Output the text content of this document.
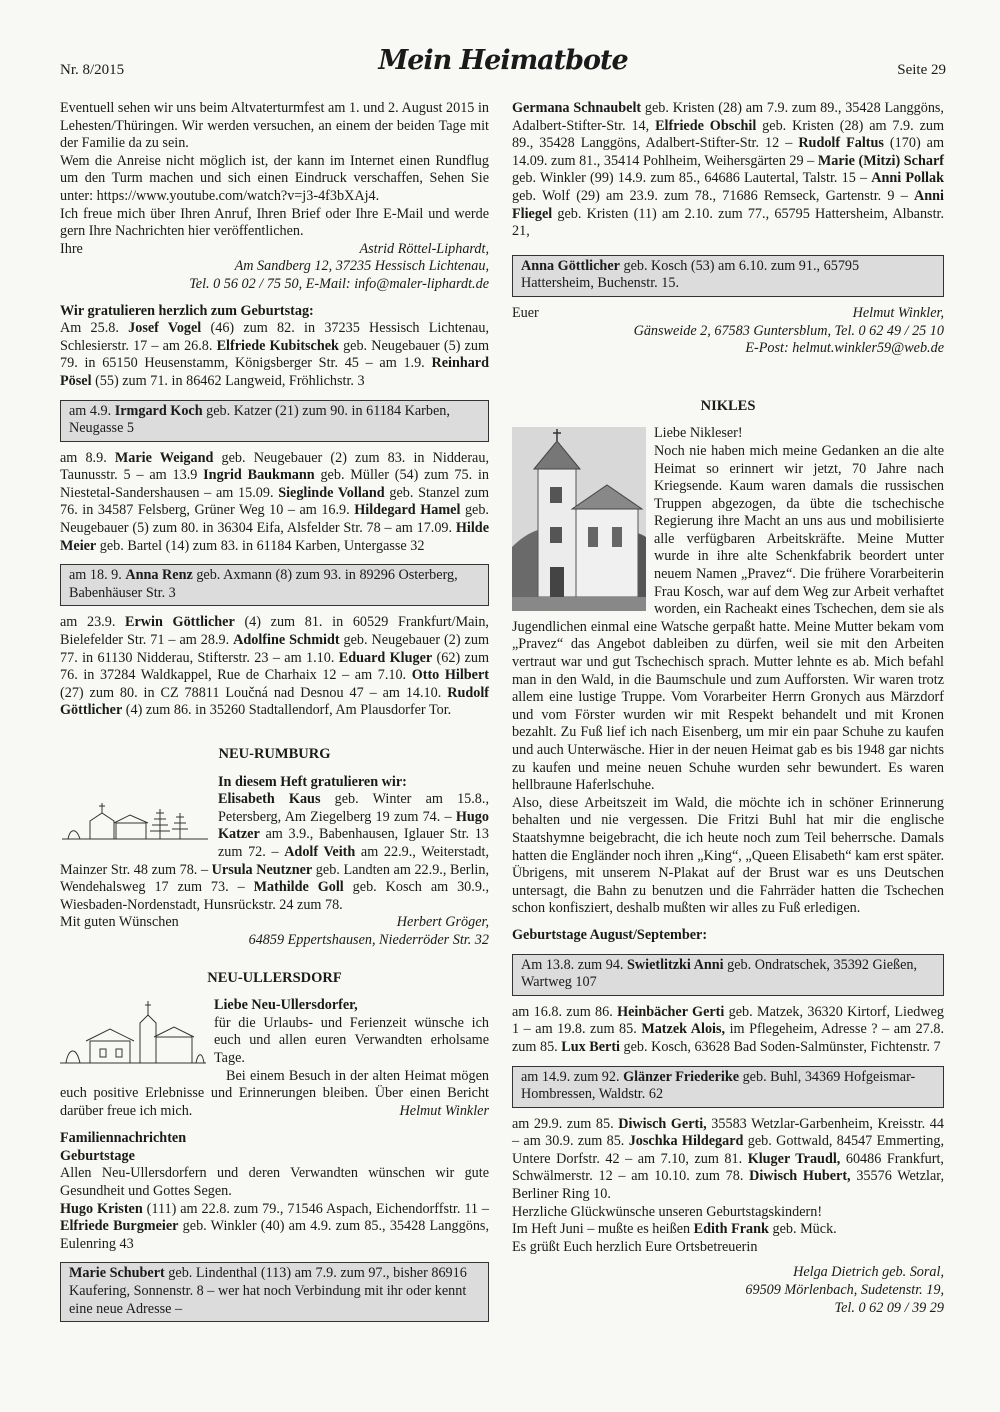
Nr. 8/2015	Mein Heimatbote	Seite 29

Eventuell sehen wir uns beim Altvaterturmfest am 1. und 2. August 2015 in Lehesten/Thüringen. Wir werden versuchen, an einem der beiden Tage mit der Familie da zu sein.

Wem die Anreise nicht möglich ist, der kann im Internet einen Rundflug um den Turm machen und sich einen Eindruck verschaffen, Sehen Sie unter: https://www.youtube.com/watch?v=j3-4f3bXAj4.

Ich freue mich über Ihren Anruf, Ihren Brief oder Ihre E-Mail und werde gern Ihre Nachrichten hier veröffentlichen.

Ihre	Astrid Röttel-Liphardt,

Am Sandberg 12, 37235 Hessisch Lichtenau,

Tel. 0 56 02 / 75 50, E-Mail: info@maler-liphardt.de

Wir gratulieren herzlich zum Geburtstag:

Am 25.8. Josef Vogel (46) zum 82. in 37235 Hessisch Lichtenau, Schlesierstr. 17 – am 26.8. Elfriede Kubitschek geb. Neugebauer (5) zum 79. in 65150 Heusenstamm, Königsberger Str. 45 – am 1.9. Reinhard Pösel (55) zum 71. in 86462 Langweid, Fröhlichstr. 3

am 4.9. Irmgard Koch geb. Katzer (21) zum 90. in 61184 Karben, Neugasse 5

am 8.9. Marie Weigand geb. Neugebauer (2) zum 83. in Nidderau, Taunusstr. 5 – am 13.9 Ingrid Baukmann geb. Müller (54) zum 75. in Niestetal-Sandershausen – am 15.09. Sieglinde Volland geb. Stanzel zum 76. in 34587 Felsberg, Grüner Weg 10 – am 16.9. Hildegard Hamel geb. Neugebauer (5) zum 80. in 36304 Eifa, Alsfelder Str. 78 – am 17.09. Hilde Meier geb. Bartel (14) zum 83. in 61184 Karben, Untergasse 32

am 18. 9. Anna Renz geb. Axmann (8) zum 93. in 89296 Osterberg, Babenhäuser Str. 3

am 23.9. Erwin Göttlicher (4) zum 81. in 60529 Frankfurt/Main, Bielefelder Str. 71 – am 28.9. Adolfine Schmidt geb. Neugebauer (2) zum 77. in 61130 Nidderau, Stifterstr. 23 – am 1.10. Eduard Kluger (62) zum 76. in 37284 Waldkappel, Rue de Charhaix 12 – am 7.10. Otto Hilbert (27) zum 80. in CZ 78811 Loučná nad Desnou 47 – am 14.10. Rudolf Göttlicher (4) zum 86. in 35260 Stadtallendorf, Am Plausdorfer Tor.

NEU-RUMBURG
In diesem Heft gratulieren wir:

Elisabeth Kaus geb. Winter am 15.8., Petersberg, Am Ziegelberg 19 zum 74. – Hugo Katzer am 3.9., Babenhausen, Iglauer Str. 13 zum 72. – Adolf Veith am 22.9., Weiterstadt, Mainzer Str. 48 zum 78. – Ursula Neutzner geb. Landten am 22.9., Berlin, Wendehalsweg 17 zum 73. – Mathilde Goll geb. Kosch am 30.9., Wiesbaden-Nordenstadt, Hunsrückstr. 24 zum 78.

Mit guten Wünschen	Herbert Gröger,

64859 Eppertshausen, Niederröder Str. 32

NEU-ULLERSDORF
Liebe Neu-Ullersdorfer,

für die Urlaubs- und Ferienzeit wünsche ich euch und allen euren Verwandten erholsame Tage.

Bei einem Besuch in der alten Heimat mögen euch positive Erlebnisse und Erinnerungen bleiben. Über einen Bericht darüber freue ich mich.	Helmut Winkler

Familiennachrichten
Geburtstage

Allen Neu-Ullersdorfern und deren Verwandten wünschen wir gute Gesundheit und Gottes Segen.

Hugo Kristen (111) am 22.8. zum 79., 71546 Aspach, Eichendorffstr. 11 – Elfriede Burgmeier geb. Winkler (40) am 4.9. zum 85., 35428 Langgöns, Eulenring 43

Marie Schubert geb. Lindenthal (113) am 7.9. zum 97., bisher 86916 Kaufering, Sonnenstr. 8 – wer hat noch Verbindung mit ihr oder kennt eine neue Adresse –

Germana Schnaubelt geb. Kristen (28) am 7.9. zum 89., 35428 Langgöns, Adalbert-Stifter-Str. 14, Elfriede Obschil geb. Kristen (28) am 7.9. zum 89., 35428 Langgöns, Adalbert-Stifter-Str. 12 – Rudolf Faltus (170) am 14.09. zum 81., 35414 Pohlheim, Weihersgärten 29 – Marie (Mitzi) Scharf geb. Winkler (99) 14.9. zum 85., 64686 Lautertal, Talstr. 15 – Anni Pollak geb. Wolf (29) am 23.9. zum 78., 71686 Remseck, Gartenstr. 9 – Anni Fliegel geb. Kristen (11) am 2.10. zum 77., 65795 Hattersheim, Albanstr. 21,

Anna Göttlicher geb. Kosch (53) am 6.10. zum 91., 65795 Hattersheim, Buchenstr. 15.
Euer	Helmut Winkler,

Gänsweide 2, 67583 Guntersblum, Tel. 0 62 49 / 25 10

E-Post: helmut.winkler59@web.de

NIKLES

Liebe Nikleser!

Noch nie haben mich meine Gedanken an die alte Heimat so erinnert wir jetzt, 70 Jahre nach Kriegsende. Kaum waren damals die russischen Truppen abgezogen, da übte die tschechische Regierung ihre Macht an uns aus und mobilisierte alle verfügbaren Arbeitskräfte. Meine Mutter wurde in ihre alte Schenkfabrik beordert unter neuem Namen „Pravez“. Die frühere Vorarbeiterin Frau Kosch, war auf dem Weg zur Arbeit verhaftet worden, ein Racheakt eines Tschechen, dem sie als Jugendlichen einmal eine Watsche gerpaßt hatte. Meine Mutter bekam vom „Pravez“ das Angebot dableiben zu dürfen, weil sie mit den Arbeiten vertraut war und gut Tschechisch sprach. Mutter lehnte es ab. Mich befahl man in den Wald, in die Baumschule und zum Aufforsten. Wir waren trotz allem eine lustige Truppe. Vom Vorarbeiter Herrn Gronych aus Märzdorf und vom Förster wurden wir mit Respekt behandelt und mit Kronen bezahlt. Zu Fuß lief ich nach Eisenberg, um mir ein paar Schuhe zu kaufen und auch Unterwäsche. Hier in der neuen Heimat gab es bis 1948 gar nichts zu kaufen und meine neuen Schuhe wurden sehr bewundert. Es waren hellbraune Haferlschuhe.

Also, diese Arbeitszeit im Wald, die möchte ich in schöner Erinnerung behalten und nie vergessen. Die Fritzi Buhl hat mir die englische Staatshymne beigebracht, die ich heute noch zum Teil beherrsche. Damals hatten die Engländer noch ihren „King“, „Queen Elisabeth“ kam erst später. Übrigens, mit unserem N-Plakat auf der Brust war es uns Deutschen untersagt, die Bahn zu benutzen und die Fahrräder hatten die Tschechen schon konfisziert, deshalb mußten wir alles zu Fuß erledigen.

Geburtstage August/September:
Am 13.8. zum 94. Swietlitzki Anni geb. Ondratschek, 35392 Gießen, Wartweg 107

am 16.8. zum 86. Heinbächer Gerti geb. Matzek, 36320 Kirtorf, Liedweg 1 – am 19.8. zum 85. Matzek Alois, im Pflegeheim, Adresse ? – am 27.8. zum 85. Lux Berti geb. Kosch, 63628 Bad Soden-Salmünster, Fichtenstr. 7

am 14.9. zum 92. Glänzer Friederike geb. Buhl, 34369 Hofgeismar-Hombressen, Waldstr. 62

am 29.9. zum 85. Diwisch Gerti, 35583 Wetzlar-Garbenheim, Kreisstr. 44 – am 30.9. zum 85. Joschka Hildegard geb. Gottwald, 84547 Emmerting, Untere Dorfstr. 42 – am 7.10, zum 81. Kluger Traudl, 60486 Frankfurt, Schwälmerstr. 12 – am 10.10. zum 78. Diwisch Hubert, 35576 Wetzlar, Berliner Ring 10.

Herzliche Glückwünsche unseren Geburtstagskindern!

Im Heft Juni – mußte es heißen Edith Frank geb. Mück.

Es grüßt Euch herzlich Eure Ortsbetreuerin

Helga Dietrich geb. Soral,

69509 Mörlenbach, Sudetenstr. 19,

Tel. 0 62 09 / 39 29
